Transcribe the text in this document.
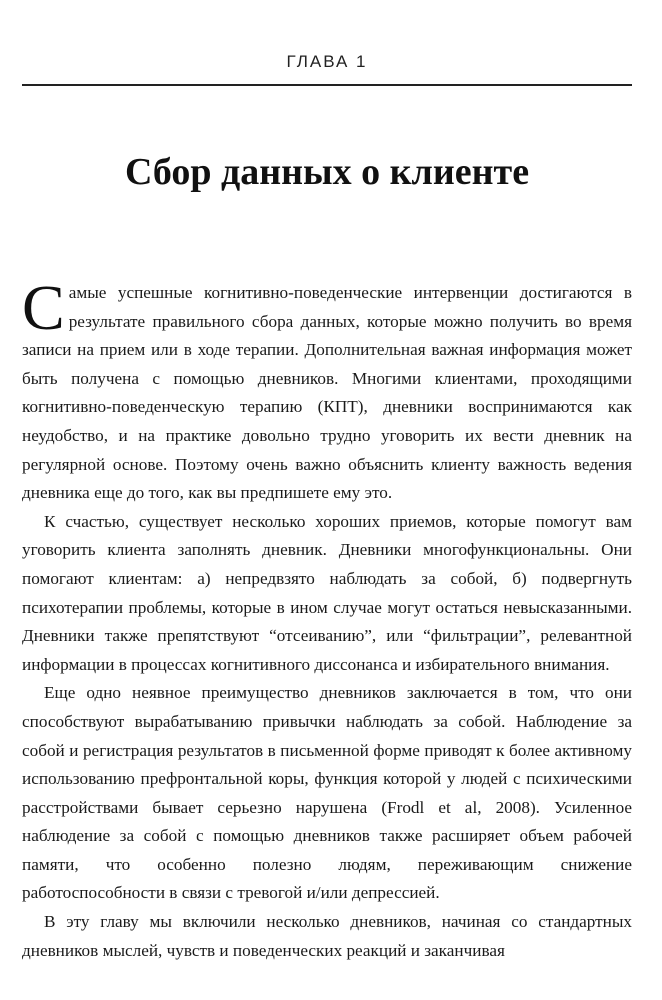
ГЛАВА 1
Сбор данных о клиенте

Самые успешные когнитивно-поведенческие интервенции достигаются в результате правильного сбора данных, которые можно получить во время записи на прием или в ходе терапии. Дополнительная важная информация может быть получена с помощью дневников. Многими клиентами, проходящими когнитивно-поведенческую терапию (КПТ), дневники воспринимаются как неудобство, и на практике довольно трудно уговорить их вести дневник на регулярной основе. Поэтому очень важно объяснить клиенту важность ведения дневника еще до того, как вы предпишете ему это.

К счастью, существует несколько хороших приемов, которые помогут вам уговорить клиента заполнять дневник. Дневники многофункциональны. Они помогают клиентам: а) непредвзято наблюдать за собой, б) подвергнуть психотерапии проблемы, которые в ином случае могут остаться невысказанными. Дневники также препятствуют “отсеиванию”, или “фильтрации”, релевантной информации в процессах когнитивного диссонанса и избирательного внимания.

Еще одно неявное преимущество дневников заключается в том, что они способствуют вырабатыванию привычки наблюдать за собой. Наблюдение за собой и регистрация результатов в письменной форме приводят к более активному использованию префронтальной коры, функция которой у людей с психическими расстройствами бывает серьезно нарушена (Frodl et al, 2008). Усиленное наблюдение за собой с помощью дневников также расширяет объем рабочей памяти, что особенно полезно людям, переживающим снижение работоспособности в связи с тревогой и/или депрессией.

В эту главу мы включили несколько дневников, начиная со стандартных дневников мыслей, чувств и поведенческих реакций и заканчивая
